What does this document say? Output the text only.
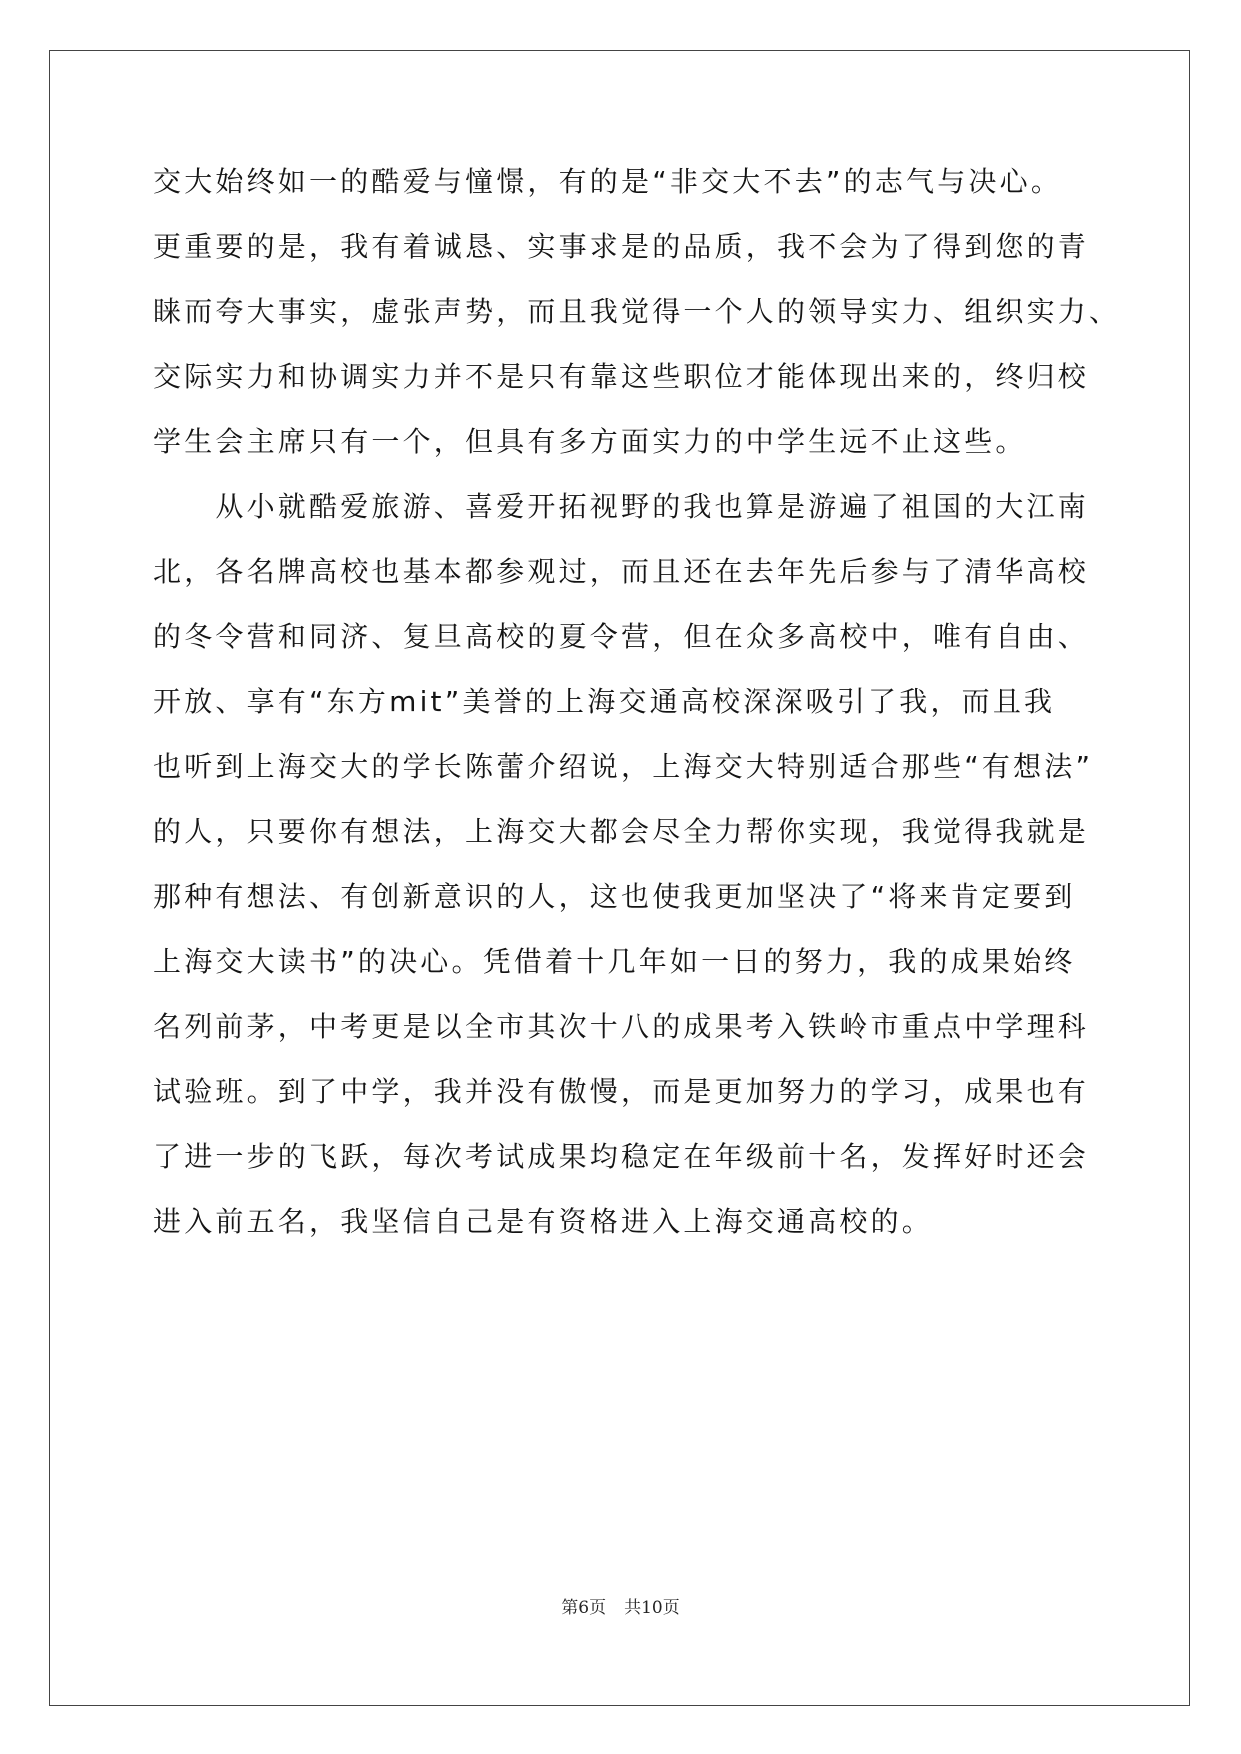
交大始终如一的酷爱与憧憬，有的是“非交大不去”的志气与决心。
更重要的是，我有着诚恳、实事求是的品质，我不会为了得到您的青
睐而夸大事实，虚张声势，而且我觉得一个人的领导实力、组织实力、
交际实力和协调实力并不是只有靠这些职位才能体现出来的，终归校
学生会主席只有一个，但具有多方面实力的中学生远不止这些。
　　从小就酷爱旅游、喜爱开拓视野的我也算是游遍了祖国的大江南
北，各名牌高校也基本都参观过，而且还在去年先后参与了清华高校
的冬令营和同济、复旦高校的夏令营，但在众多高校中，唯有自由、
开放、享有“东方mit”美誉的上海交通高校深深吸引了我，而且我
也听到上海交大的学长陈蕾介绍说，上海交大特别适合那些“有想法”
的人，只要你有想法，上海交大都会尽全力帮你实现，我觉得我就是
那种有想法、有创新意识的人，这也使我更加坚决了“将来肯定要到
上海交大读书”的决心。凭借着十几年如一日的努力，我的成果始终
名列前茅，中考更是以全市其次十八的成果考入铁岭市重点中学理科
试验班。到了中学，我并没有傲慢，而是更加努力的学习，成果也有
了进一步的飞跃，每次考试成果均稳定在年级前十名，发挥好时还会
进入前五名，我坚信自己是有资格进入上海交通高校的。
第6页 共10页
